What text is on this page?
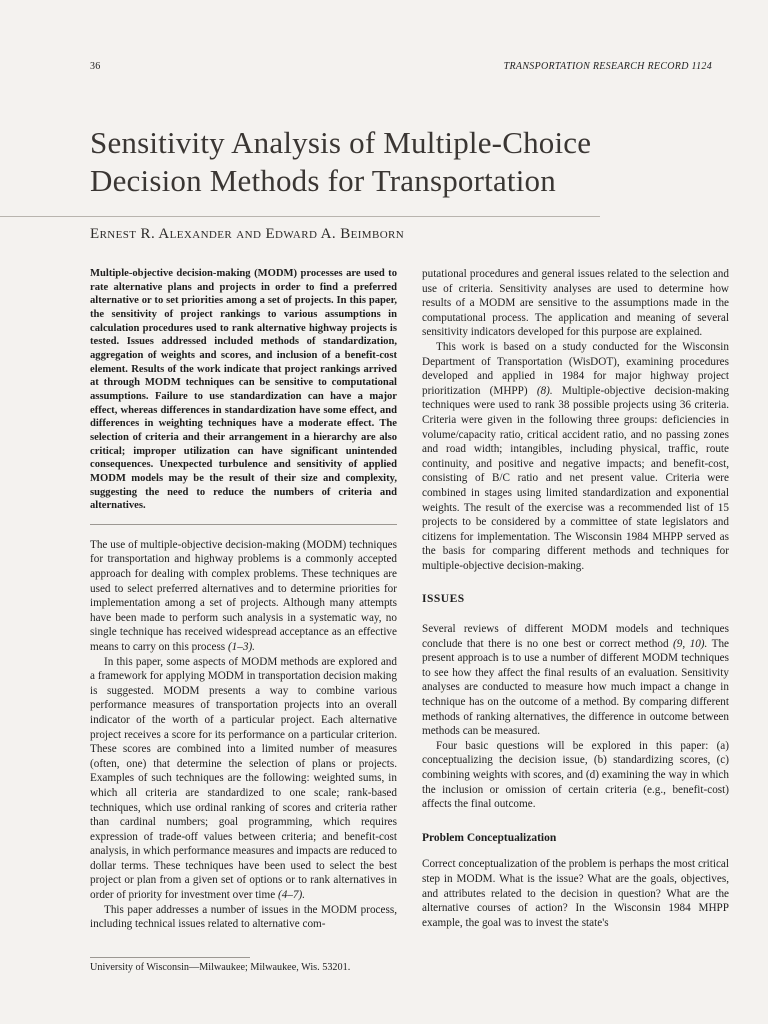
36	TRANSPORTATION RESEARCH RECORD 1124
Sensitivity Analysis of Multiple-Choice
Decision Methods for Transportation
Ernest R. Alexander and Edward A. Beimborn

Multiple-objective decision-making (MODM) processes are used to rate alternative plans and projects in order to find a preferred alternative or to set priorities among a set of projects. In this paper, the sensitivity of project rankings to various assumptions in calculation procedures used to rank alternative highway projects is tested. Issues addressed included methods of standardization, aggregation of weights and scores, and inclusion of a benefit-cost element. Results of the work indicate that project rankings arrived at through MODM techniques can be sensitive to computational assumptions. Failure to use standardization can have a major effect, whereas differences in standardization have some effect, and differences in weighting techniques have a moderate effect. The selection of criteria and their arrangement in a hierarchy are also critical; improper utilization can have significant unintended consequences. Unexpected turbulence and sensitivity of applied MODM models may be the result of their size and complexity, suggesting the need to reduce the numbers of criteria and alternatives.

The use of multiple-objective decision-making (MODM) techniques for transportation and highway problems is a commonly accepted approach for dealing with complex problems. These techniques are used to select preferred alternatives and to determine priorities for implementation among a set of projects. Although many attempts have been made to perform such analysis in a systematic way, no single technique has received widespread acceptance as an effective means to carry on this process (1–3).

In this paper, some aspects of MODM methods are explored and a framework for applying MODM in transportation decision making is suggested. MODM presents a way to combine various performance measures of transportation projects into an overall indicator of the worth of a particular project. Each alternative project receives a score for its performance on a particular criterion. These scores are combined into a limited number of measures (often, one) that determine the selection of plans or projects. Examples of such techniques are the following: weighted sums, in which all criteria are standardized to one scale; rank-based techniques, which use ordinal ranking of scores and criteria rather than cardinal numbers; goal programming, which requires expression of trade-off values between criteria; and benefit-cost analysis, in which performance measures and impacts are reduced to dollar terms. These techniques have been used to select the best project or plan from a given set of options or to rank alternatives in order of priority for investment over time (4–7).

This paper addresses a number of issues in the MODM process, including technical issues related to alternative com-

putational procedures and general issues related to the selection and use of criteria. Sensitivity analyses are used to determine how results of a MODM are sensitive to the assumptions made in the computational process. The application and meaning of several sensitivity indicators developed for this purpose are explained.

This work is based on a study conducted for the Wisconsin Department of Transportation (WisDOT), examining procedures developed and applied in 1984 for major highway project prioritization (MHPP) (8). Multiple-objective decision-making techniques were used to rank 38 possible projects using 36 criteria. Criteria were given in the following three groups: deficiencies in volume/capacity ratio, critical accident ratio, and no passing zones and road width; intangibles, including physical, traffic, route continuity, and positive and negative impacts; and benefit-cost, consisting of B/C ratio and net present value. Criteria were combined in stages using limited standardization and exponential weights. The result of the exercise was a recommended list of 15 projects to be considered by a committee of state legislators and citizens for implementation. The Wisconsin 1984 MHPP served as the basis for comparing different methods and techniques for multiple-objective decision-making.

ISSUES

Several reviews of different MODM models and techniques conclude that there is no one best or correct method (9, 10). The present approach is to use a number of different MODM techniques to see how they affect the final results of an evaluation. Sensitivity analyses are conducted to measure how much impact a change in technique has on the outcome of a method. By comparing different methods of ranking alternatives, the difference in outcome between methods can be measured.

Four basic questions will be explored in this paper: (a) conceptualizing the decision issue, (b) standardizing scores, (c) combining weights with scores, and (d) examining the way in which the inclusion or omission of certain criteria (e.g., benefit-cost) affects the final outcome.

Problem Conceptualization

Correct conceptualization of the problem is perhaps the most critical step in MODM. What is the issue? What are the goals, objectives, and attributes related to the decision in question? What are the alternative courses of action? In the Wisconsin 1984 MHPP example, the goal was to invest the state's

University of Wisconsin—Milwaukee; Milwaukee, Wis. 53201.
